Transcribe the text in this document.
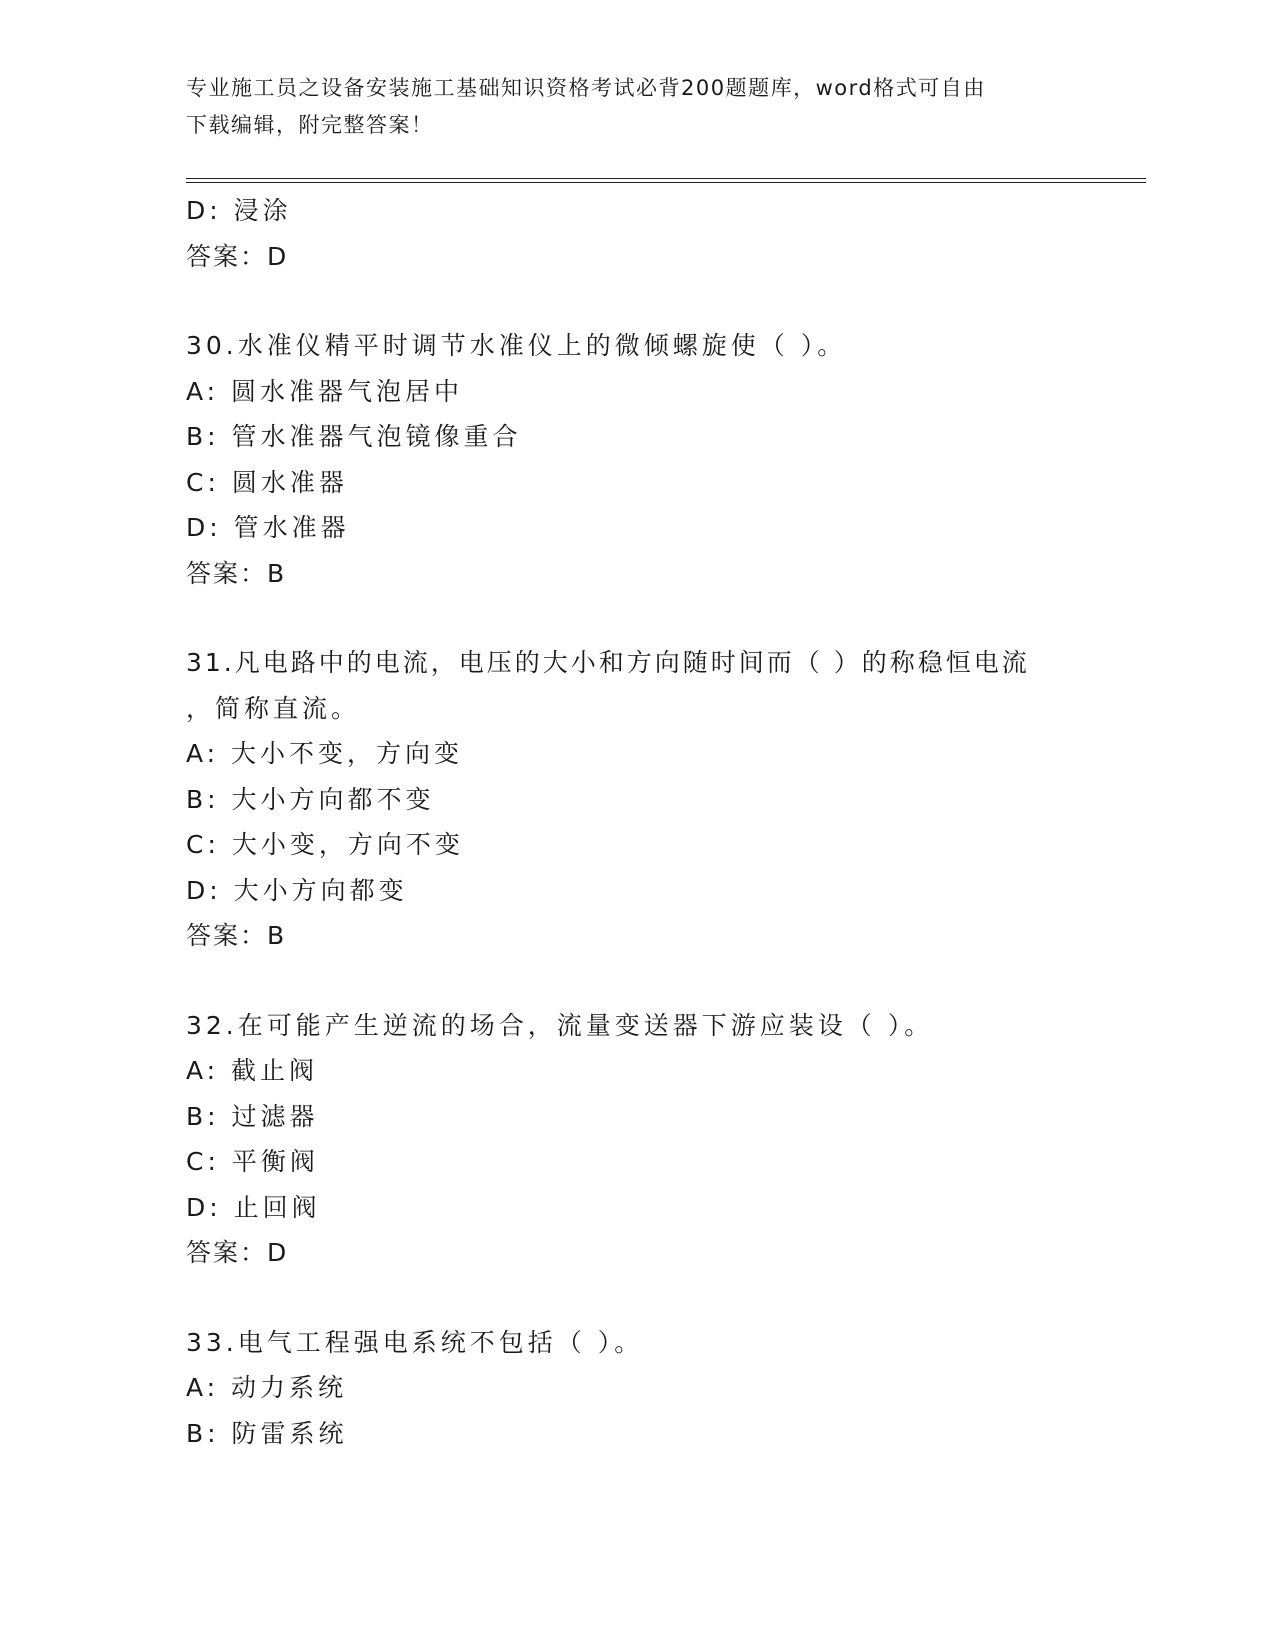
专业施工员之设备安装施工基础知识资格考试必背200题题库，word格式可自由
下载编辑，附完整答案！
D: 浸涂
答案：D
30.水准仪精平时调节水准仪上的微倾螺旋使（ ）。
A: 圆水准器气泡居中
B: 管水准器气泡镜像重合
C: 圆水准器
D: 管水准器
答案：B
31.凡电路中的电流，电压的大小和方向随时间而（ ）的称稳恒电流
，简称直流。
A: 大小不变，方向变
B: 大小方向都不变
C: 大小变，方向不变
D: 大小方向都变
答案：B
32.在可能产生逆流的场合，流量变送器下游应装设（ ）。
A: 截止阀
B: 过滤器
C: 平衡阀
D: 止回阀
答案：D
33.电气工程强电系统不包括（ ）。
A: 动力系统
B: 防雷系统
